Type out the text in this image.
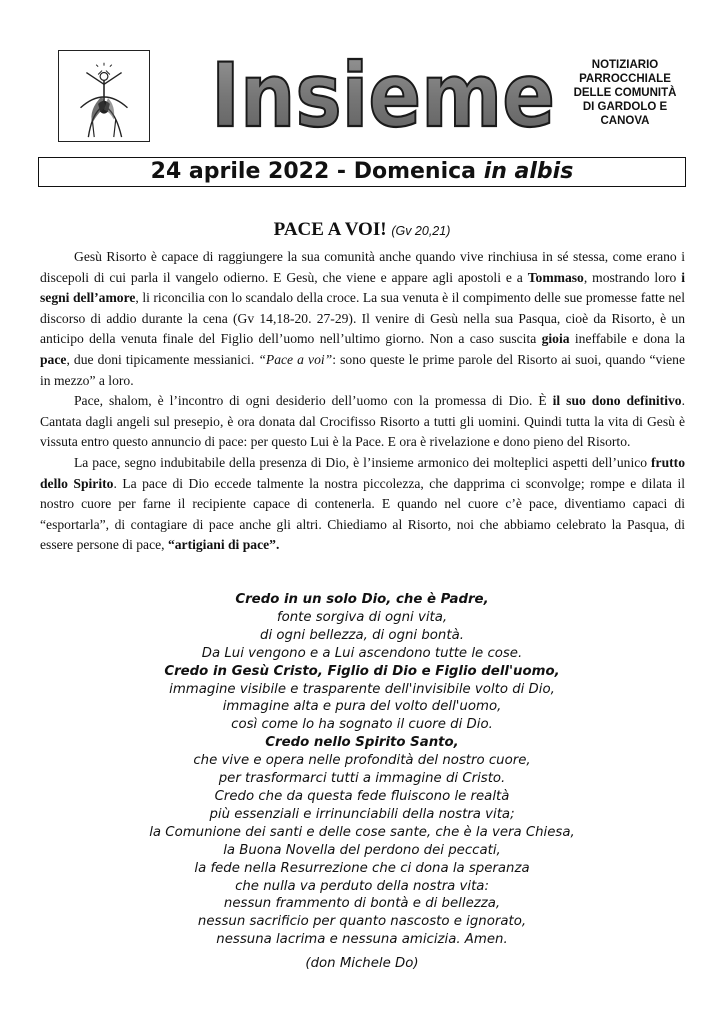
Insieme	NOTIZIARIO
PARROCCHIALE
DELLE COMUNITÀ
DI GARDOLO E
CANOVA
24 aprile 2022 - Domenica in albis
PACE A VOI! (Gv 20,21)

Gesù Risorto è capace di raggiungere la sua comunità anche quando vive rinchiusa in sé stessa, come erano i discepoli di cui parla il vangelo odierno. E Gesù, che viene e appare agli apostoli e a Tommaso, mostrando loro i segni dell’amore, li riconcilia con lo scandalo della croce. La sua venuta è il compimento delle sue promesse fatte nel discorso di addio durante la cena (Gv 14,18-20. 27-29). Il venire di Gesù nella sua Pasqua, cioè da Risorto, è un anticipo della venuta finale del Figlio dell’uomo nell’ultimo giorno. Non a caso suscita gioia ineffabile e dona la pace, due doni tipicamente messianici. “Pace a voi”: sono queste le prime parole del Risorto ai suoi, quando “viene in mezzo” a loro.

Pace, shalom, è l’incontro di ogni desiderio dell’uomo con la promessa di Dio. È il suo dono definitivo. Cantata dagli angeli sul presepio, è ora donata dal Crocifisso Risorto a tutti gli uomini. Quindi tutta la vita di Gesù è vissuta entro questo annuncio di pace: per questo Lui è la Pace. E ora è rivelazione e dono pieno del Risorto.

La pace, segno indubitabile della presenza di Dio, è l’insieme armonico dei molteplici aspetti dell’unico frutto dello Spirito. La pace di Dio eccede talmente la nostra piccolezza, che dapprima ci sconvolge; rompe e dilata il nostro cuore per farne il recipiente capace di contenerla. E quando nel cuore c’è pace, diventiamo capaci di “esportarla”, di contagiare di pace anche gli altri. Chiediamo al Risorto, noi che abbiamo celebrato la Pasqua, di essere persone di pace, “artigiani di pace”.

Credo in un solo Dio, che è Padre,
fonte sorgiva di ogni vita,
di ogni bellezza, di ogni bontà.
Da Lui vengono e a Lui ascendono tutte le cose.
Credo in Gesù Cristo, Figlio di Dio e Figlio dell'uomo,
immagine visibile e trasparente dell'invisibile volto di Dio,
immagine alta e pura del volto dell'uomo,
così come lo ha sognato il cuore di Dio.
Credo nello Spirito Santo,
che vive e opera nelle profondità del nostro cuore,
per trasformarci tutti a immagine di Cristo.
Credo che da questa fede fluiscono le realtà
più essenziali e irrinunciabili della nostra vita;
la Comunione dei santi e delle cose sante, che è la vera Chiesa,
la Buona Novella del perdono dei peccati,
la fede nella Resurrezione che ci dona la speranza
che nulla va perduto della nostra vita:
nessun frammento di bontà e di bellezza,
nessun sacrificio per quanto nascosto e ignorato,
nessuna lacrima e nessuna amicizia. Amen.
(don Michele Do)
